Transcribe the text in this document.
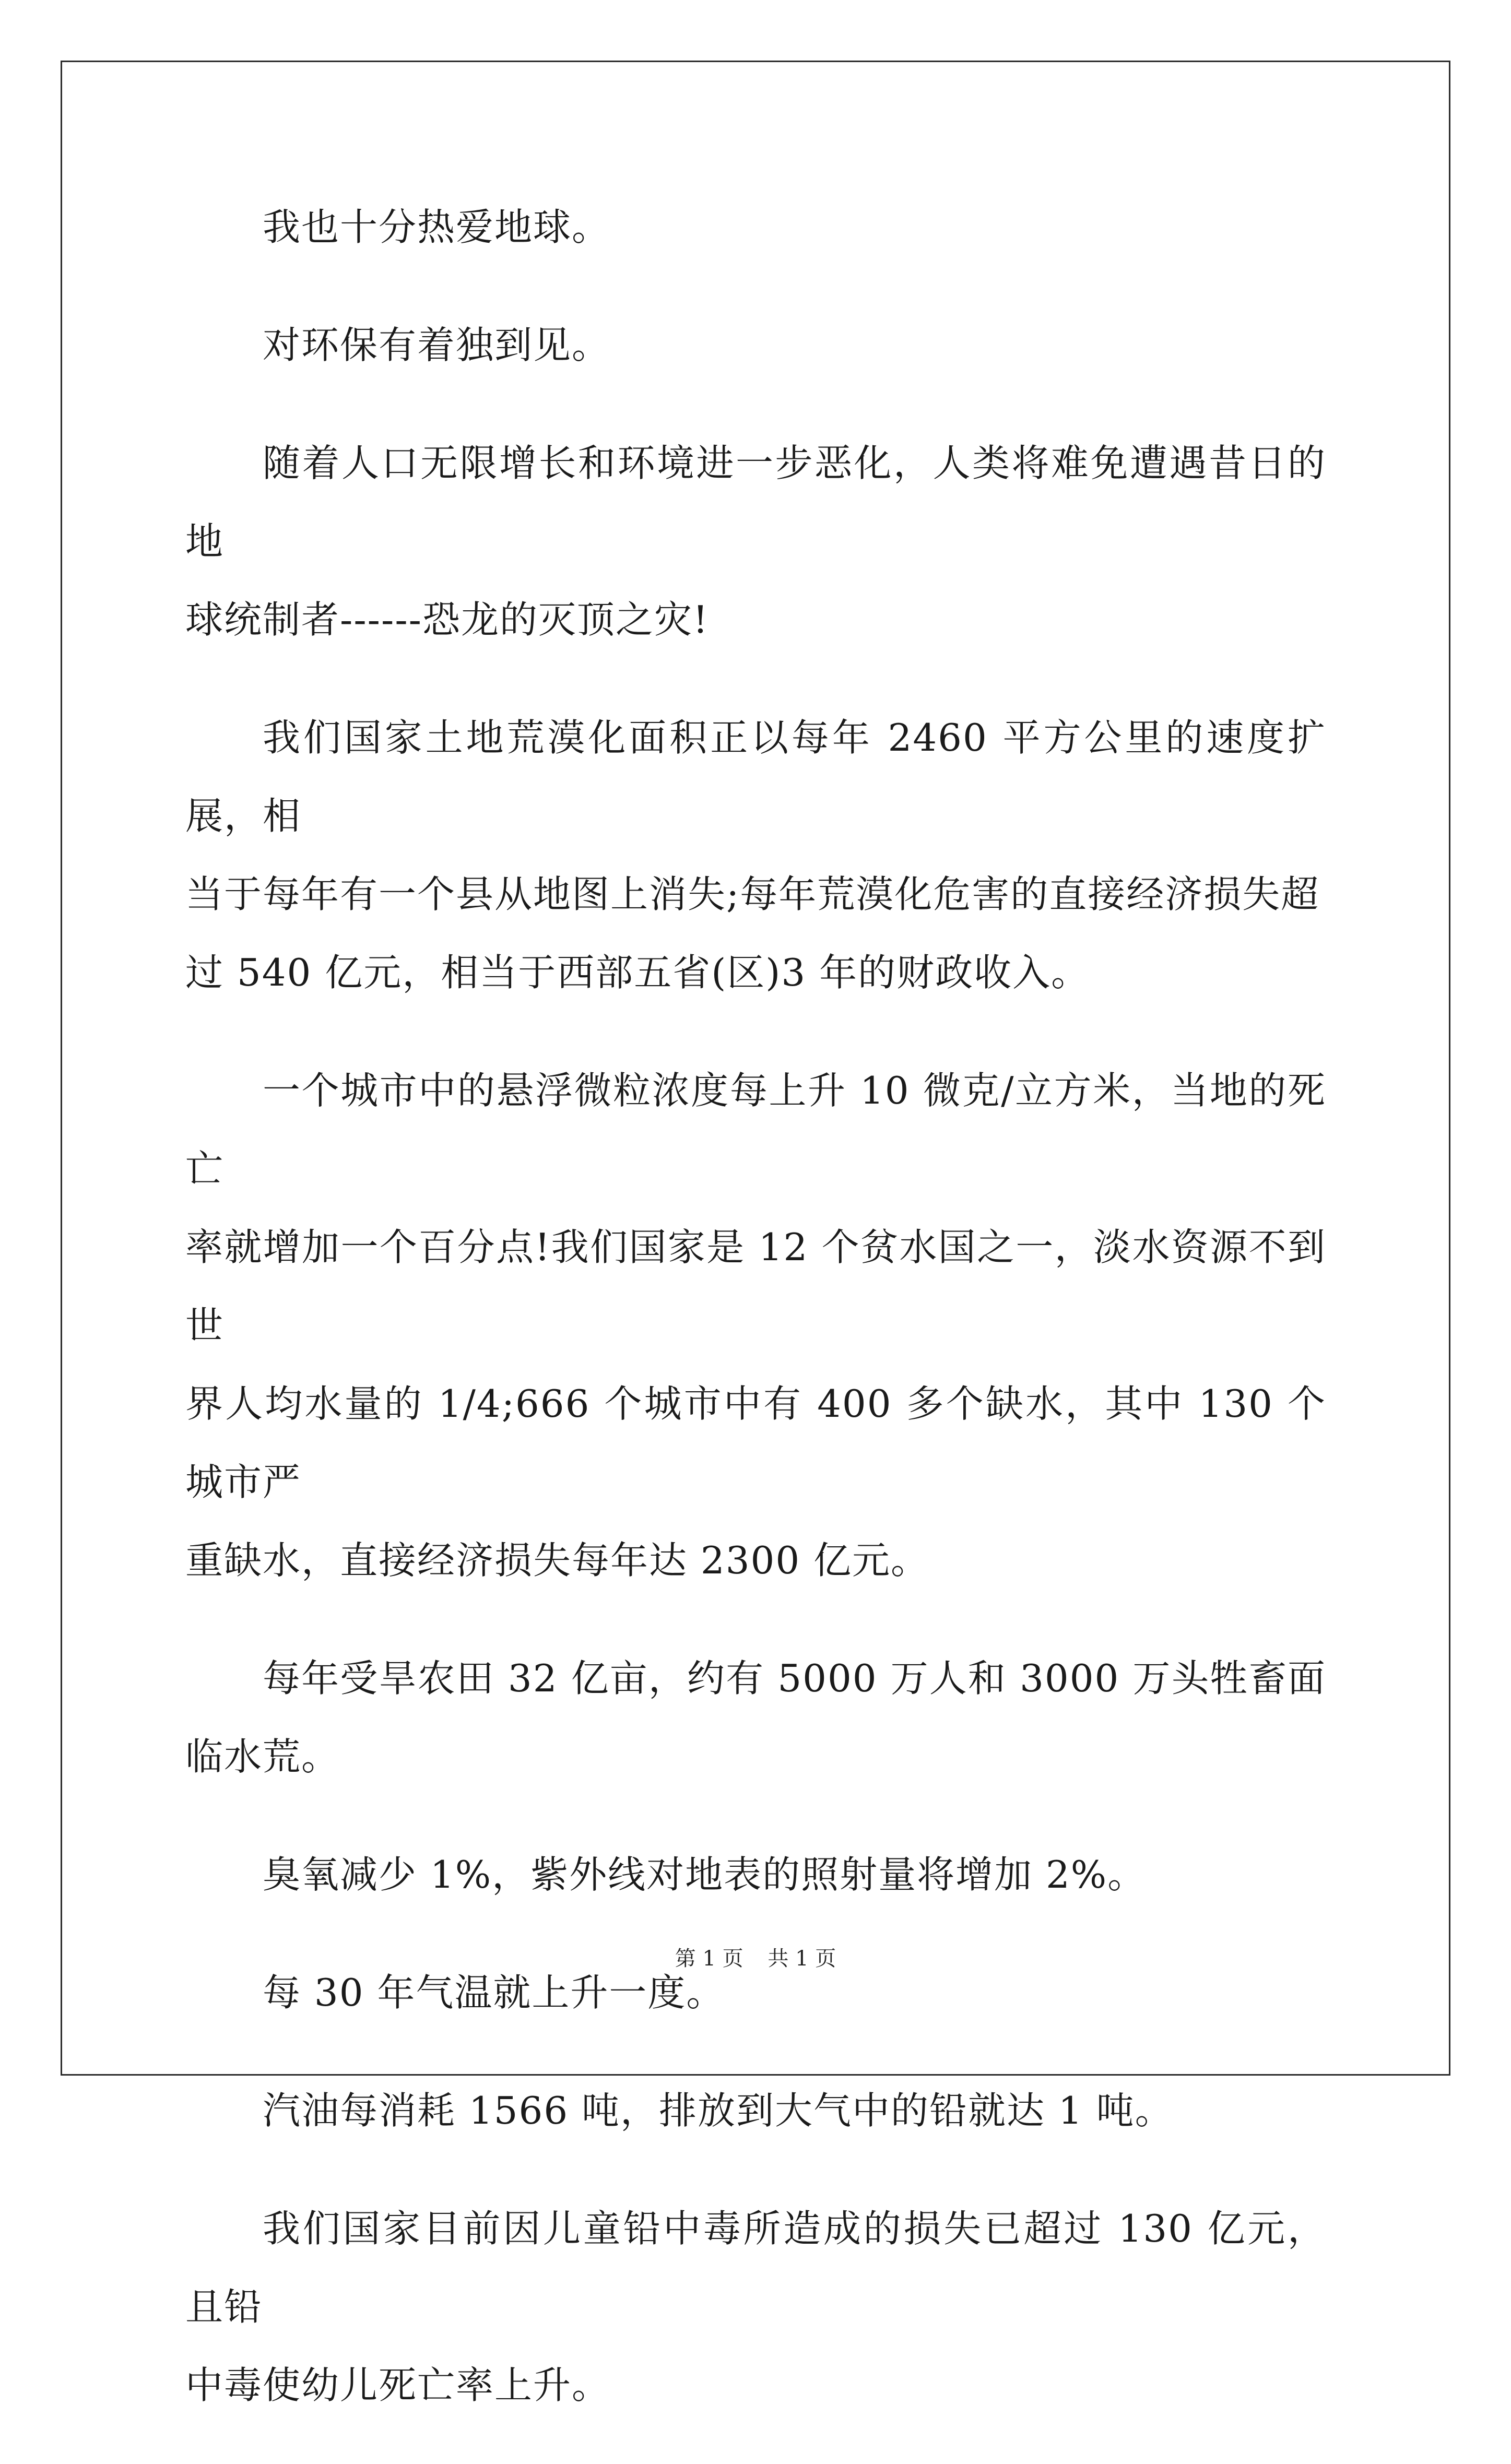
我也十分热爱地球。

对环保有着独到见。

随着人口无限增长和环境进一步恶化，人类将难免遭遇昔日的地
球统制者------恐龙的灭顶之灾!

我们国家土地荒漠化面积正以每年 2460 平方公里的速度扩展，相
当于每年有一个县从地图上消失;每年荒漠化危害的直接经济损失超
过 540 亿元，相当于西部五省(区)3 年的财政收入。

一个城市中的悬浮微粒浓度每上升 10 微克/立方米，当地的死亡
率就增加一个百分点!我们国家是 12 个贫水国之一，淡水资源不到世
界人均水量的 1/4;666 个城市中有 400 多个缺水，其中 130 个城市严
重缺水，直接经济损失每年达 2300 亿元。

每年受旱农田 32 亿亩，约有 5000 万人和 3000 万头牲畜面临水荒。

臭氧减少 1%，紫外线对地表的照射量将增加 2%。

每 30 年气温就上升一度。

汽油每消耗 1566 吨，排放到大气中的铅就达 1 吨。

我们国家目前因儿童铅中毒所造成的损失已超过 130 亿元，且铅
中毒使幼儿死亡率上升。

第 1 页 共 1 页
